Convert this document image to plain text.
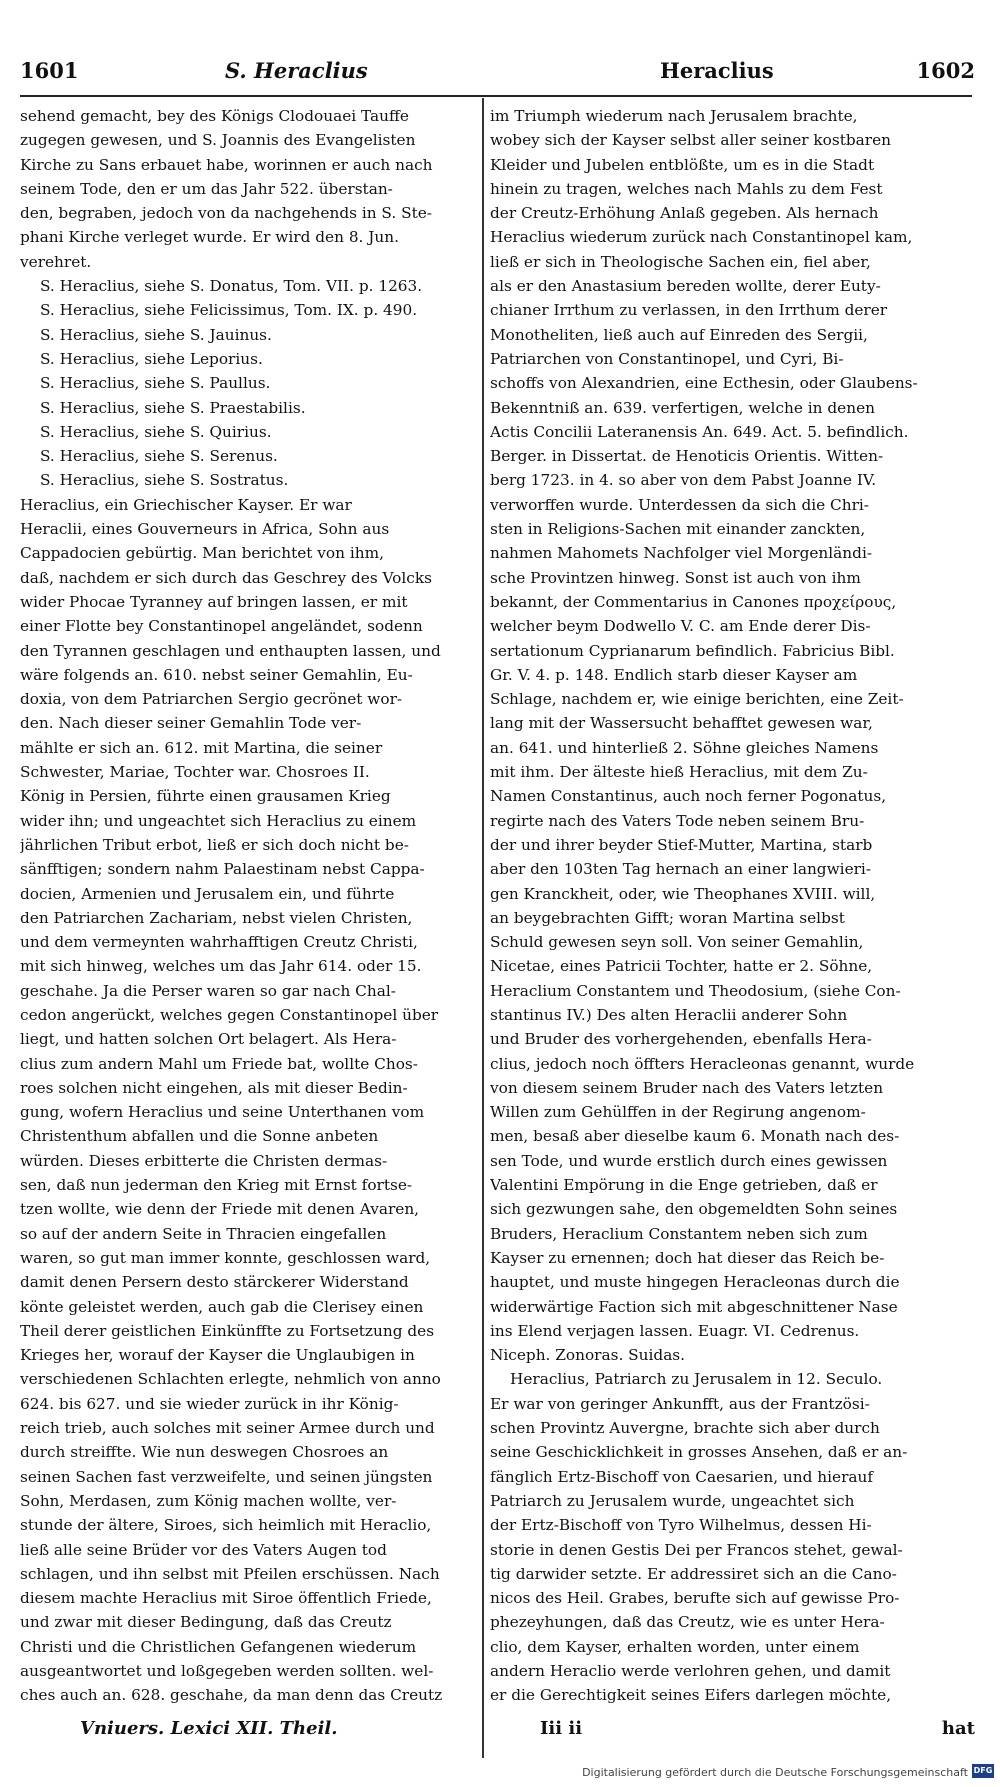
1601	S. Heraclius	Heraclius	1602
sehend gemacht, bey des Königs Clodouaei Tauffe
zugegen gewesen, und S. Joannis des Evangelisten
Kirche zu Sans erbauet habe, worinnen er auch nach
seinem Tode, den er um das Jahr 522. überstan-
den, begraben, jedoch von da nachgehends in S. Ste-
phani Kirche verleget wurde. Er wird den 8. Jun.
verehret.
S. Heraclius, siehe S. Donatus, Tom. VII. p. 1263.
S. Heraclius, siehe Felicissimus, Tom. IX. p. 490.
S. Heraclius, siehe S. Jauinus.
S. Heraclius, siehe Leporius.
S. Heraclius, siehe S. Paullus.
S. Heraclius, siehe S. Praestabilis.
S. Heraclius, siehe S. Quirius.
S. Heraclius, siehe S. Serenus.
S. Heraclius, siehe S. Sostratus.
Heraclius, ein Griechischer Kayser. Er war
Heraclii, eines Gouverneurs in Africa, Sohn aus
Cappadocien gebürtig. Man berichtet von ihm,
daß, nachdem er sich durch das Geschrey des Volcks
wider Phocae Tyranney auf bringen lassen, er mit
einer Flotte bey Constantinopel angeländet, sodenn
den Tyrannen geschlagen und enthaupten lassen, und
wäre folgends an. 610. nebst seiner Gemahlin, Eu-
doxia, von dem Patriarchen Sergio gecrönet wor-
den. Nach dieser seiner Gemahlin Tode ver-
mählte er sich an. 612. mit Martina, die seiner
Schwester, Mariae, Tochter war. Chosroes II.
König in Persien, führte einen grausamen Krieg
wider ihn; und ungeachtet sich Heraclius zu einem
jährlichen Tribut erbot, ließ er sich doch nicht be-
sänfftigen; sondern nahm Palaestinam nebst Cappa-
docien, Armenien und Jerusalem ein, und führte
den Patriarchen Zachariam, nebst vielen Christen,
und dem vermeynten wahrhafftigen Creutz Christi,
mit sich hinweg, welches um das Jahr 614. oder 15.
geschahe. Ja die Perser waren so gar nach Chal-
cedon angerückt, welches gegen Constantinopel über
liegt, und hatten solchen Ort belagert. Als Hera-
clius zum andern Mahl um Friede bat, wollte Chos-
roes solchen nicht eingehen, als mit dieser Bedin-
gung, wofern Heraclius und seine Unterthanen vom
Christenthum abfallen und die Sonne anbeten
würden. Dieses erbitterte die Christen dermas-
sen, daß nun jederman den Krieg mit Ernst fortse-
tzen wollte, wie denn der Friede mit denen Avaren,
so auf der andern Seite in Thracien eingefallen
waren, so gut man immer konnte, geschlossen ward,
damit denen Persern desto stärckerer Widerstand
könte geleistet werden, auch gab die Clerisey einen
Theil derer geistlichen Einkünffte zu Fortsetzung des
Krieges her, worauf der Kayser die Unglaubigen in
verschiedenen Schlachten erlegte, nehmlich von anno
624. bis 627. und sie wieder zurück in ihr König-
reich trieb, auch solches mit seiner Armee durch und
durch streiffte. Wie nun deswegen Chosroes an
seinen Sachen fast verzweifelte, und seinen jüngsten
Sohn, Merdasen, zum König machen wollte, ver-
stunde der ältere, Siroes, sich heimlich mit Heraclio,
ließ alle seine Brüder vor des Vaters Augen tod
schlagen, und ihn selbst mit Pfeilen erschüssen. Nach
diesem machte Heraclius mit Siroe öffentlich Friede,
und zwar mit dieser Bedingung, daß das Creutz
Christi und die Christlichen Gefangenen wiederum
ausgeantwortet und loßgegeben werden sollten. wel-
ches auch an. 628. geschahe, da man denn das Creutz
im Triumph wiederum nach Jerusalem brachte,
wobey sich der Kayser selbst aller seiner kostbaren
Kleider und Jubelen entblößte, um es in die Stadt
hinein zu tragen, welches nach Mahls zu dem Fest
der Creutz-Erhöhung Anlaß gegeben. Als hernach
Heraclius wiederum zurück nach Constantinopel kam,
ließ er sich in Theologische Sachen ein, fiel aber,
als er den Anastasium bereden wollte, derer Euty-
chianer Irrthum zu verlassen, in den Irrthum derer
Monotheliten, ließ auch auf Einreden des Sergii,
Patriarchen von Constantinopel, und Cyri, Bi-
schoffs von Alexandrien, eine Ecthesin, oder Glaubens-
Bekenntniß an. 639. verfertigen, welche in denen
Actis Concilii Lateranensis An. 649. Act. 5. befindlich.
Berger. in Dissertat. de Henoticis Orientis. Witten-
berg 1723. in 4. so aber von dem Pabst Joanne IV.
verworffen wurde. Unterdessen da sich die Chri-
sten in Religions-Sachen mit einander zanckten,
nahmen Mahomets Nachfolger viel Morgenländi-
sche Provintzen hinweg. Sonst ist auch von ihm
bekannt, der Commentarius in Canones προχείρους,
welcher beym Dodwello V. C. am Ende derer Dis-
sertationum Cyprianarum befindlich. Fabricius Bibl.
Gr. V. 4. p. 148. Endlich starb dieser Kayser am
Schlage, nachdem er, wie einige berichten, eine Zeit-
lang mit der Wassersucht behafftet gewesen war,
an. 641. und hinterließ 2. Söhne gleiches Namens
mit ihm. Der älteste hieß Heraclius, mit dem Zu-
Namen Constantinus, auch noch ferner Pogonatus,
regirte nach des Vaters Tode neben seinem Bru-
der und ihrer beyder Stief-Mutter, Martina, starb
aber den 103ten Tag hernach an einer langwieri-
gen Kranckheit, oder, wie Theophanes XVIII. will,
an beygebrachten Gifft; woran Martina selbst
Schuld gewesen seyn soll. Von seiner Gemahlin,
Nicetae, eines Patricii Tochter, hatte er 2. Söhne,
Heraclium Constantem und Theodosium, (siehe Con-
stantinus IV.) Des alten Heraclii anderer Sohn
und Bruder des vorhergehenden, ebenfalls Hera-
clius, jedoch noch öffters Heracleonas genannt, wurde
von diesem seinem Bruder nach des Vaters letzten
Willen zum Gehülffen in der Regirung angenom-
men, besaß aber dieselbe kaum 6. Monath nach des-
sen Tode, und wurde erstlich durch eines gewissen
Valentini Empörung in die Enge getrieben, daß er
sich gezwungen sahe, den obgemeldten Sohn seines
Bruders, Heraclium Constantem neben sich zum
Kayser zu ernennen; doch hat dieser das Reich be-
hauptet, und muste hingegen Heracleonas durch die
widerwärtige Faction sich mit abgeschnittener Nase
ins Elend verjagen lassen. Euagr. VI. Cedrenus.
Niceph. Zonoras. Suidas.
Heraclius, Patriarch zu Jerusalem in 12. Seculo.
Er war von geringer Ankunfft, aus der Frantzösi-
schen Provintz Auvergne, brachte sich aber durch
seine Geschicklichkeit in grosses Ansehen, daß er an-
fänglich Ertz-Bischoff von Caesarien, und hierauf
Patriarch zu Jerusalem wurde, ungeachtet sich
der Ertz-Bischoff von Tyro Wilhelmus, dessen Hi-
storie in denen Gestis Dei per Francos stehet, gewal-
tig darwider setzte. Er addressiret sich an die Cano-
nicos des Heil. Grabes, berufte sich auf gewisse Pro-
phezeyhungen, daß das Creutz, wie es unter Hera-
clio, dem Kayser, erhalten worden, unter einem
andern Heraclio werde verlohren gehen, und damit
er die Gerechtigkeit seines Eifers darlegen möchte,
Vniuers. Lexici XII. Theil.	Iii ii	hat
Digitalisierung gefördert durch die Deutsche Forschungsgemeinschaft DFG
